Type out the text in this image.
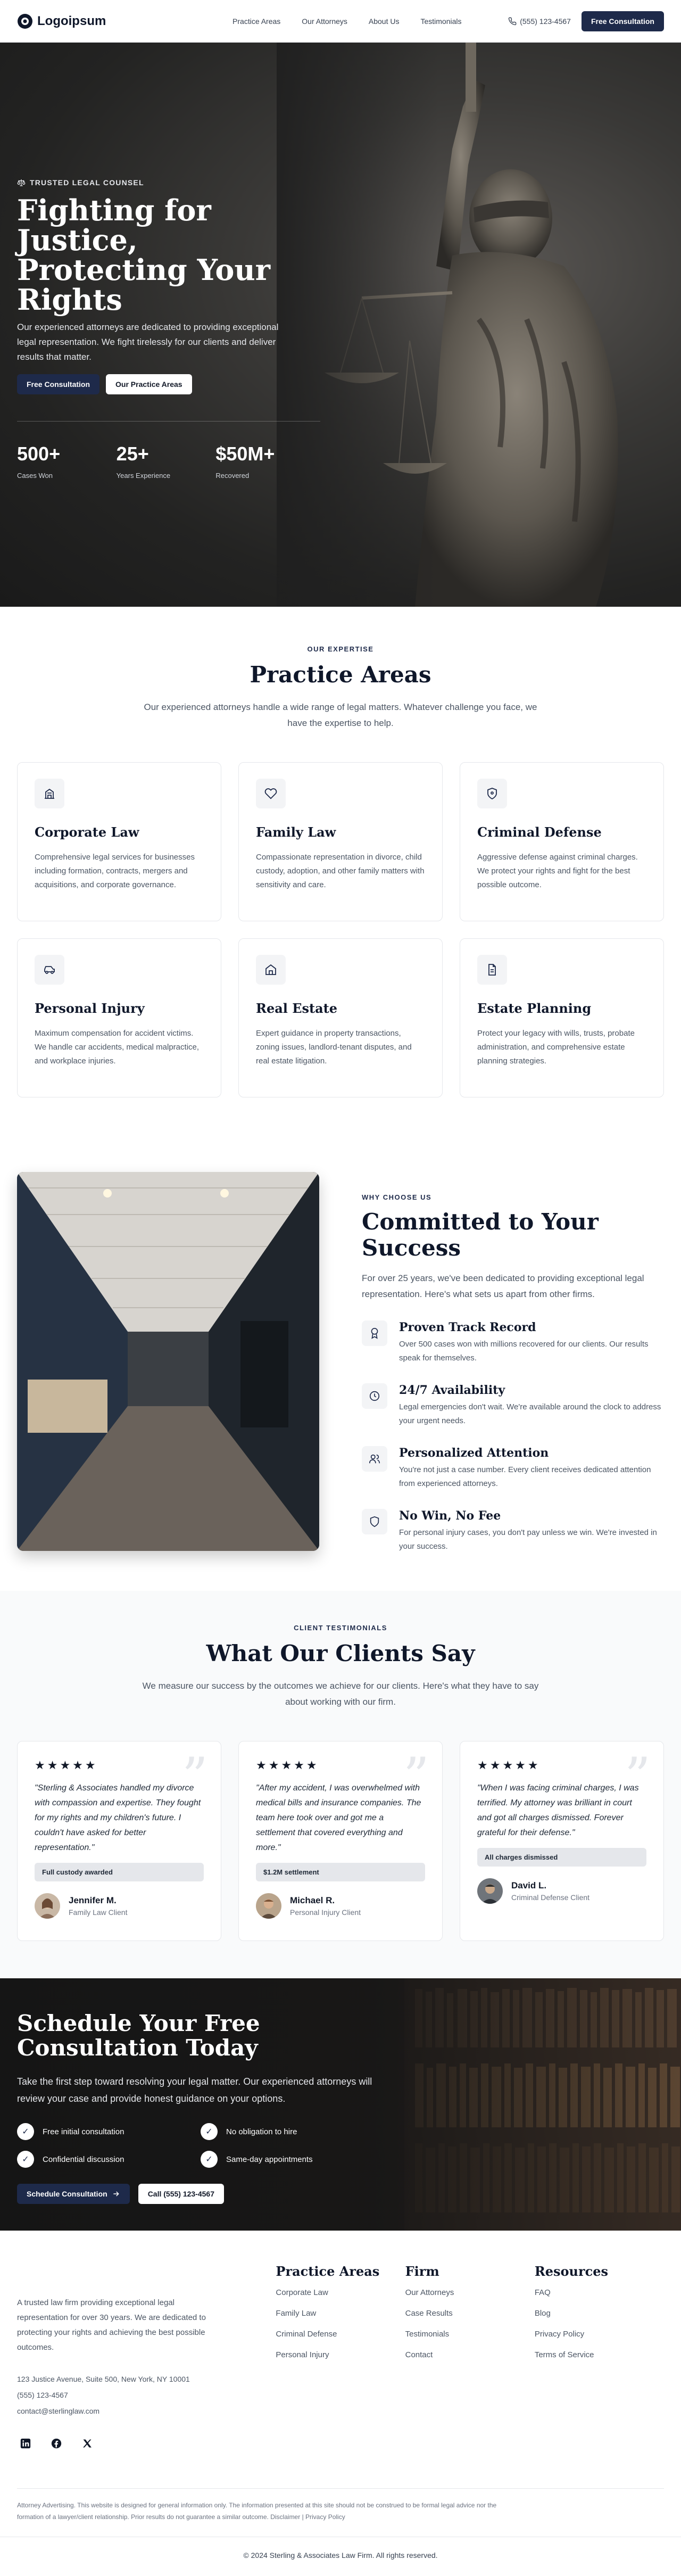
Logoipsum	Practice Areas	Our Attorneys	About Us	Testimonials	(555) 123-4567	Free Consultation
TRUSTED LEGAL COUNSEL
Fighting for Justice, Protecting Your Rights

Our experienced attorneys are dedicated to providing exceptional legal representation. We fight tirelessly for our clients and deliver results that matter.

Free Consultation	Our Practice Areas
500+
Cases Won
25+
Years Experience
$50M+
Recovered
OUR EXPERTISE
Practice Areas

Our experienced attorneys handle a wide range of legal matters. Whatever challenge you face, we have the expertise to help.

Corporate Law

Comprehensive legal services for businesses including formation, contracts, mergers and acquisitions, and corporate governance.

Family Law

Compassionate representation in divorce, child custody, adoption, and other family matters with sensitivity and care.

Criminal Defense

Aggressive defense against criminal charges. We protect your rights and fight for the best possible outcome.

Personal Injury

Maximum compensation for accident victims. We handle car accidents, medical malpractice, and workplace injuries.

Real Estate

Expert guidance in property transactions, zoning issues, landlord-tenant disputes, and real estate litigation.

Estate Planning

Protect your legacy with wills, trusts, probate administration, and comprehensive estate planning strategies.

WHY CHOOSE US
Committed to Your Success

For over 25 years, we've been dedicated to providing exceptional legal representation. Here's what sets us apart from other firms.

Proven Track Record

Over 500 cases won with millions recovered for our clients. Our results speak for themselves.

24/7 Availability

Legal emergencies don't wait. We're available around the clock to address your urgent needs.

Personalized Attention

You're not just a case number. Every client receives dedicated attention from experienced attorneys.

No Win, No Fee

For personal injury cases, you don't pay unless we win. We're invested in your success.

CLIENT TESTIMONIALS
What Our Clients Say

We measure our success by the outcomes we achieve for our clients. Here's what they have to say about working with our firm.

”
★★★★★

"Sterling & Associates handled my divorce with compassion and expertise. They fought for my rights and my children's future. I couldn't have asked for better representation."

Full custody awarded
Jennifer M.
Family Law Client
”
★★★★★

"After my accident, I was overwhelmed with medical bills and insurance companies. The team here took over and got me a settlement that covered everything and more."

$1.2M settlement
Michael R.
Personal Injury Client
”
★★★★★

"When I was facing criminal charges, I was terrified. My attorney was brilliant in court and got all charges dismissed. Forever grateful for their defense."

All charges dismissed
David L.
Criminal Defense Client
Schedule Your Free Consultation Today

Take the first step toward resolving your legal matter. Our experienced attorneys will review your case and provide honest guidance on your options.

✓	Free initial consultation	✓	No obligation to hire
✓	Confidential discussion	✓	Same-day appointments
Schedule Consultation	Call (555) 123-4567

A trusted law firm providing exceptional legal representation for over 30 years. We are dedicated to protecting your rights and achieving the best possible outcomes.

123 Justice Avenue, Suite 500, New York, NY 10001
(555) 123-4567
contact@sterlinglaw.com
Practice Areas
Corporate Law
Family Law
Criminal Defense
Personal Injury
Firm
Our Attorneys
Case Results
Testimonials
Contact
Resources
FAQ
Blog
Privacy Policy
Terms of Service

Attorney Advertising. This website is designed for general information only. The information presented at this site should not be construed to be formal legal advice nor the formation of a lawyer/client relationship. Prior results do not guarantee a similar outcome. Disclaimer | Privacy Policy

© 2024 Sterling & Associates Law Firm. All rights reserved.
